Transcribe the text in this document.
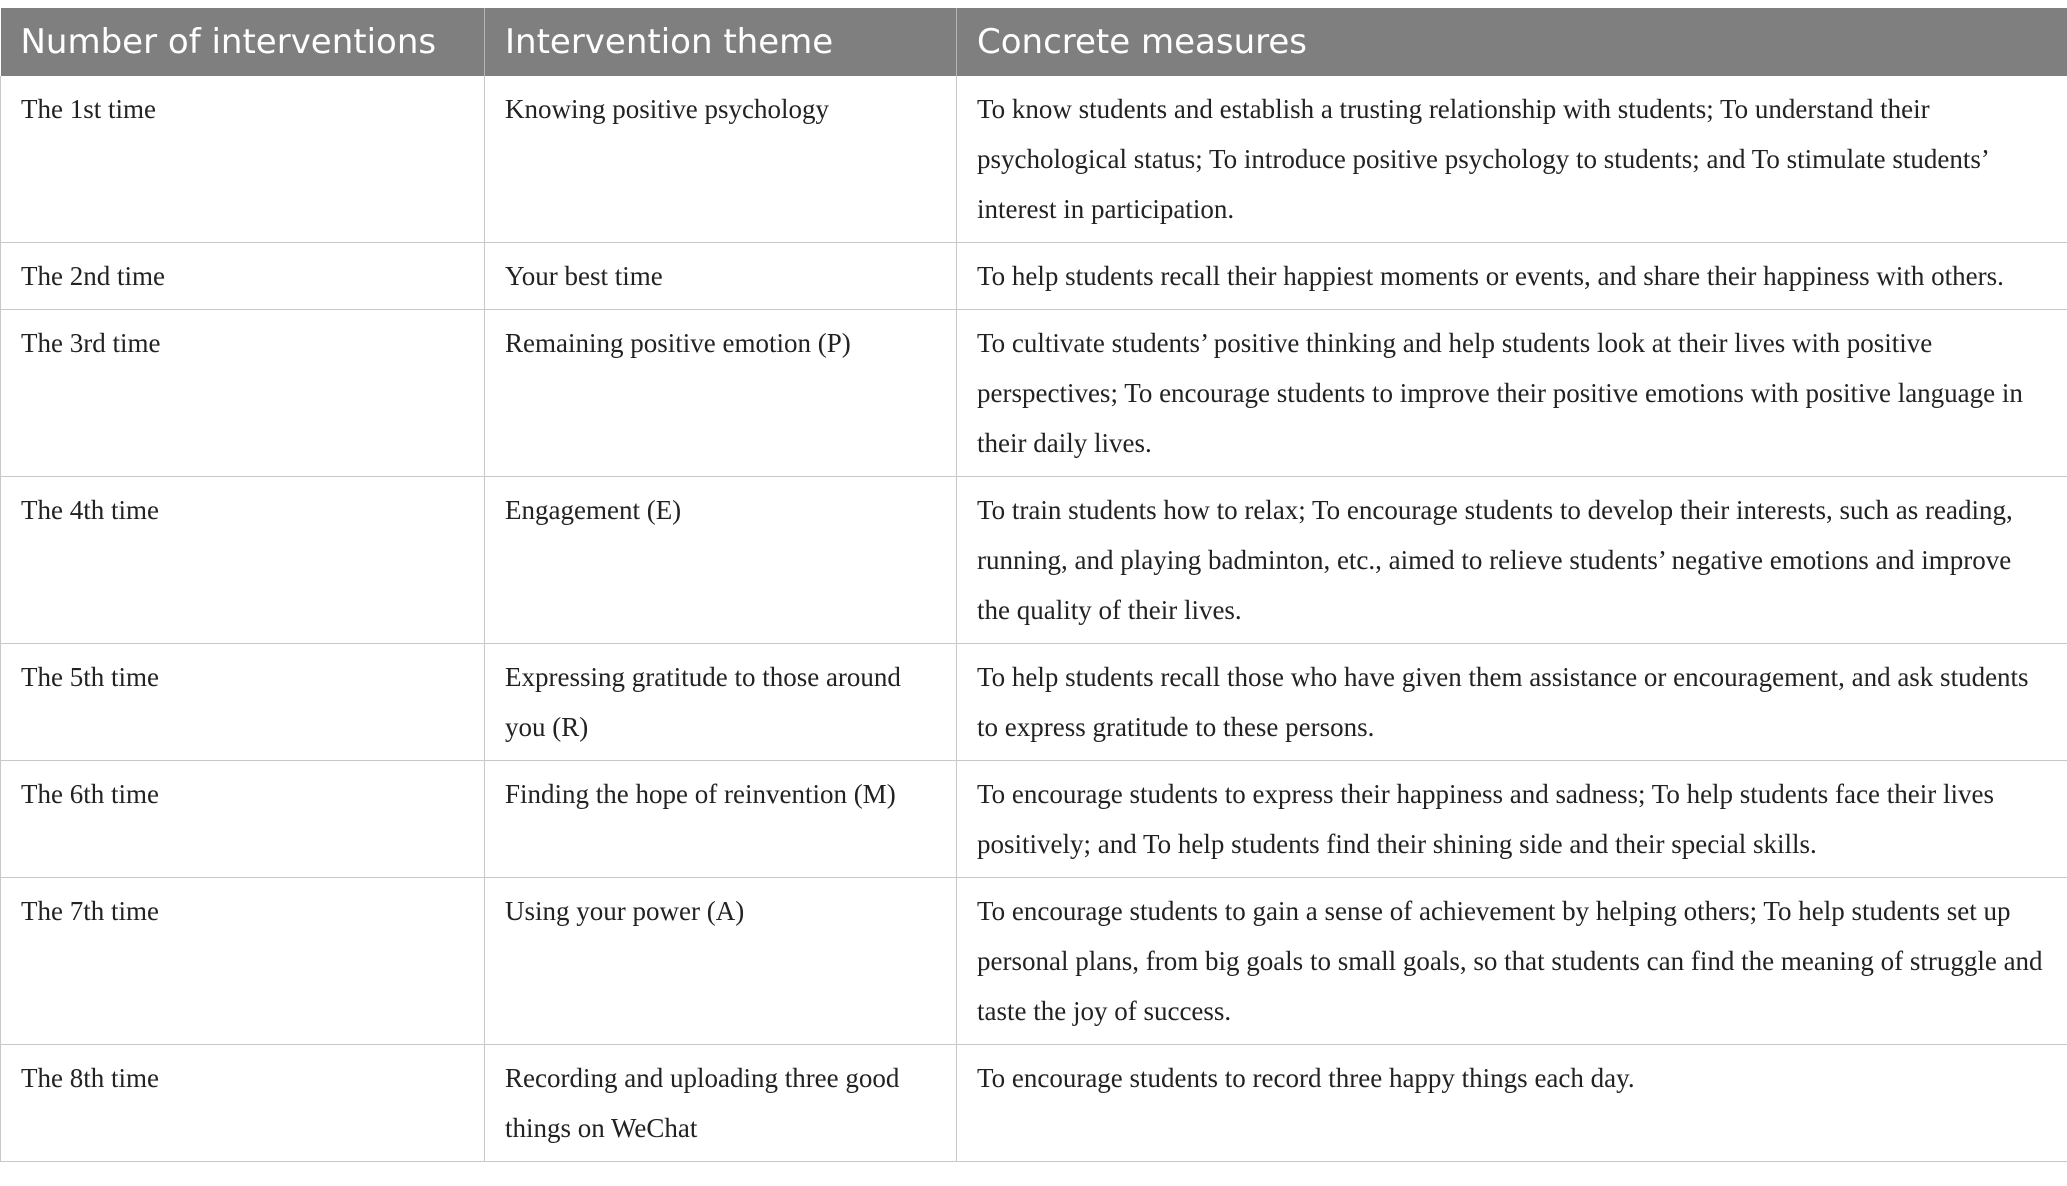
Number of interventions	Intervention theme	Concrete measures
The 1st time	Knowing positive psychology	To know students and establish a trusting relationship with students; To understand their psychological status; To introduce positive psychology to students; and To stimulate students’ interest in participation.
The 2nd time	Your best time	To help students recall their happiest moments or events, and share their happiness with others.
The 3rd time	Remaining positive emotion (P)	To cultivate students’ positive thinking and help students look at their lives with positive perspectives; To encourage students to improve their positive emotions with positive language in their daily lives.
The 4th time	Engagement (E)	To train students how to relax; To encourage students to develop their interests, such as reading, running, and playing badminton, etc., aimed to relieve students’ negative emotions and improve the quality of their lives.
The 5th time	Expressing gratitude to those around you (R)	To help students recall those who have given them assistance or encouragement, and ask students to express gratitude to these persons.
The 6th time	Finding the hope of reinvention (M)	To encourage students to express their happiness and sadness; To help students face their lives positively; and To help students find their shining side and their special skills.
The 7th time	Using your power (A)	To encourage students to gain a sense of achievement by helping others; To help students set up personal plans, from big goals to small goals, so that students can find the meaning of struggle and taste the joy of success.
The 8th time	Recording and uploading three good things on WeChat	To encourage students to record three happy things each day.
